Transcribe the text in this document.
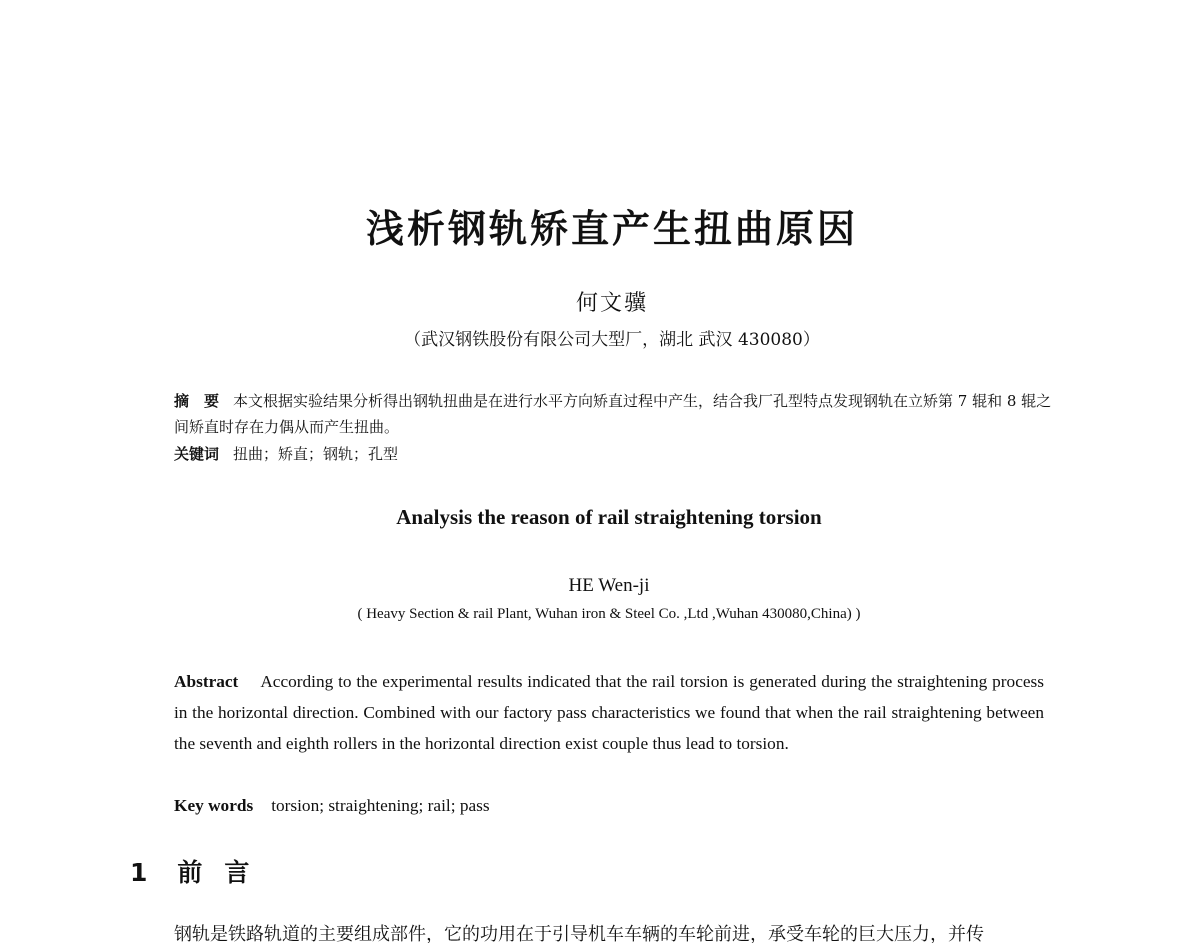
浅析钢轨矫直产生扭曲原因
何文骥
（武汉钢铁股份有限公司大型厂，湖北 武汉 430080）
摘　要 本文根据实验结果分析得出钢轨扭曲是在进行水平方向矫直过程中产生，结合我厂孔型特点发现钢轨在立矫第 7 辊和 8 辊之间矫直时存在力偶从而产生扭曲。
关键词 扭曲；矫直；钢轨；孔型
Analysis the reason of rail straightening torsion
HE Wen-ji
( Heavy Section & rail Plant, Wuhan iron & Steel Co. ,Ltd ,Wuhan 430080,China) )
Abstract According to the experimental results indicated that the rail torsion is generated during the straightening process in the horizontal direction. Combined with our factory pass characteristics we found that when the rail straightening between the seventh and eighth rollers in the horizontal direction exist couple thus lead to torsion.
Key words torsion; straightening; rail; pass
1 前言
钢轨是铁路轨道的主要组成部件，它的功用在于引导机车车辆的车轮前进，承受车轮的巨大压力，并传
